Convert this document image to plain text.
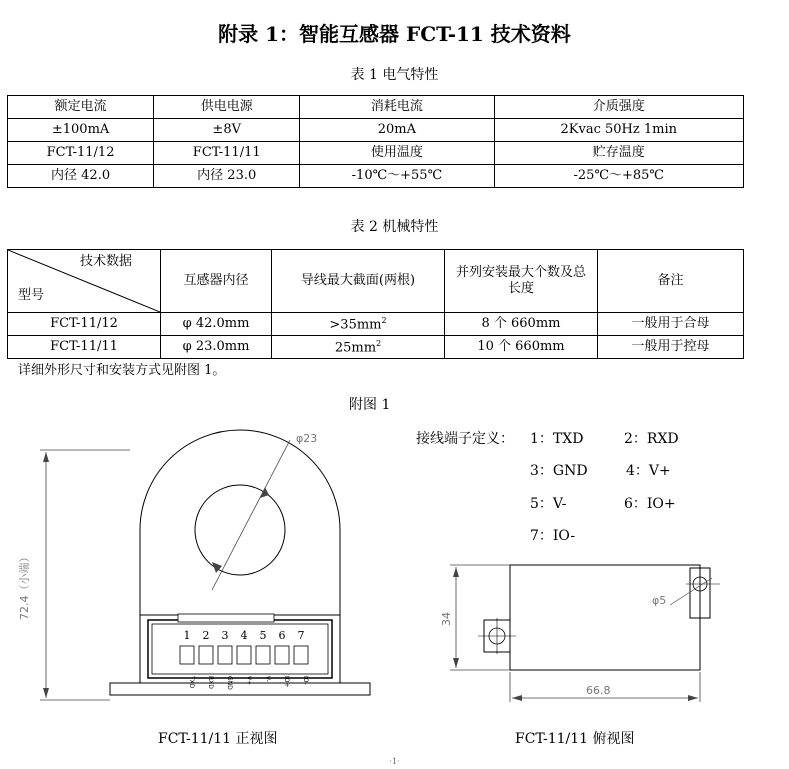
附录 1：智能互感器 FCT-11 技术资料
表 1 电气特性
额定电流	供电电源	消耗电流	介质强度
±100mA	±8V	20mA	2Kvac 50Hz 1min
FCT-11/12	FCT-11/11	使用温度	贮存温度
内径 42.0	内径 23.0	-10℃～+55℃	-25℃～+85℃
表 2 机械特性
技术数据
型号	互感器内径	导线最大截面(两根)	并列安装最大个数及总长度	备注
FCT-11/12	φ 42.0mm	$>35mm^2$	8 个 660mm	一般用于合母
FCT-11/11	φ 23.0mm	$25mm^2$	10 个 660mm	一般用于控母
详细外形尺寸和安装方式见附图 1。
附图 1
接线端子定义： 1：TXD	2：RXD
3：GND	4：V+
5：V-	6：IO+
7：IO-
72.4（小端）
φ23
1 2 3 4 5 6 7
TXD RXD GND V+ V- IO+ IO-
34
φ5
66.8
FCT-11/11 正视图	FCT-11/11 俯视图
·1·
